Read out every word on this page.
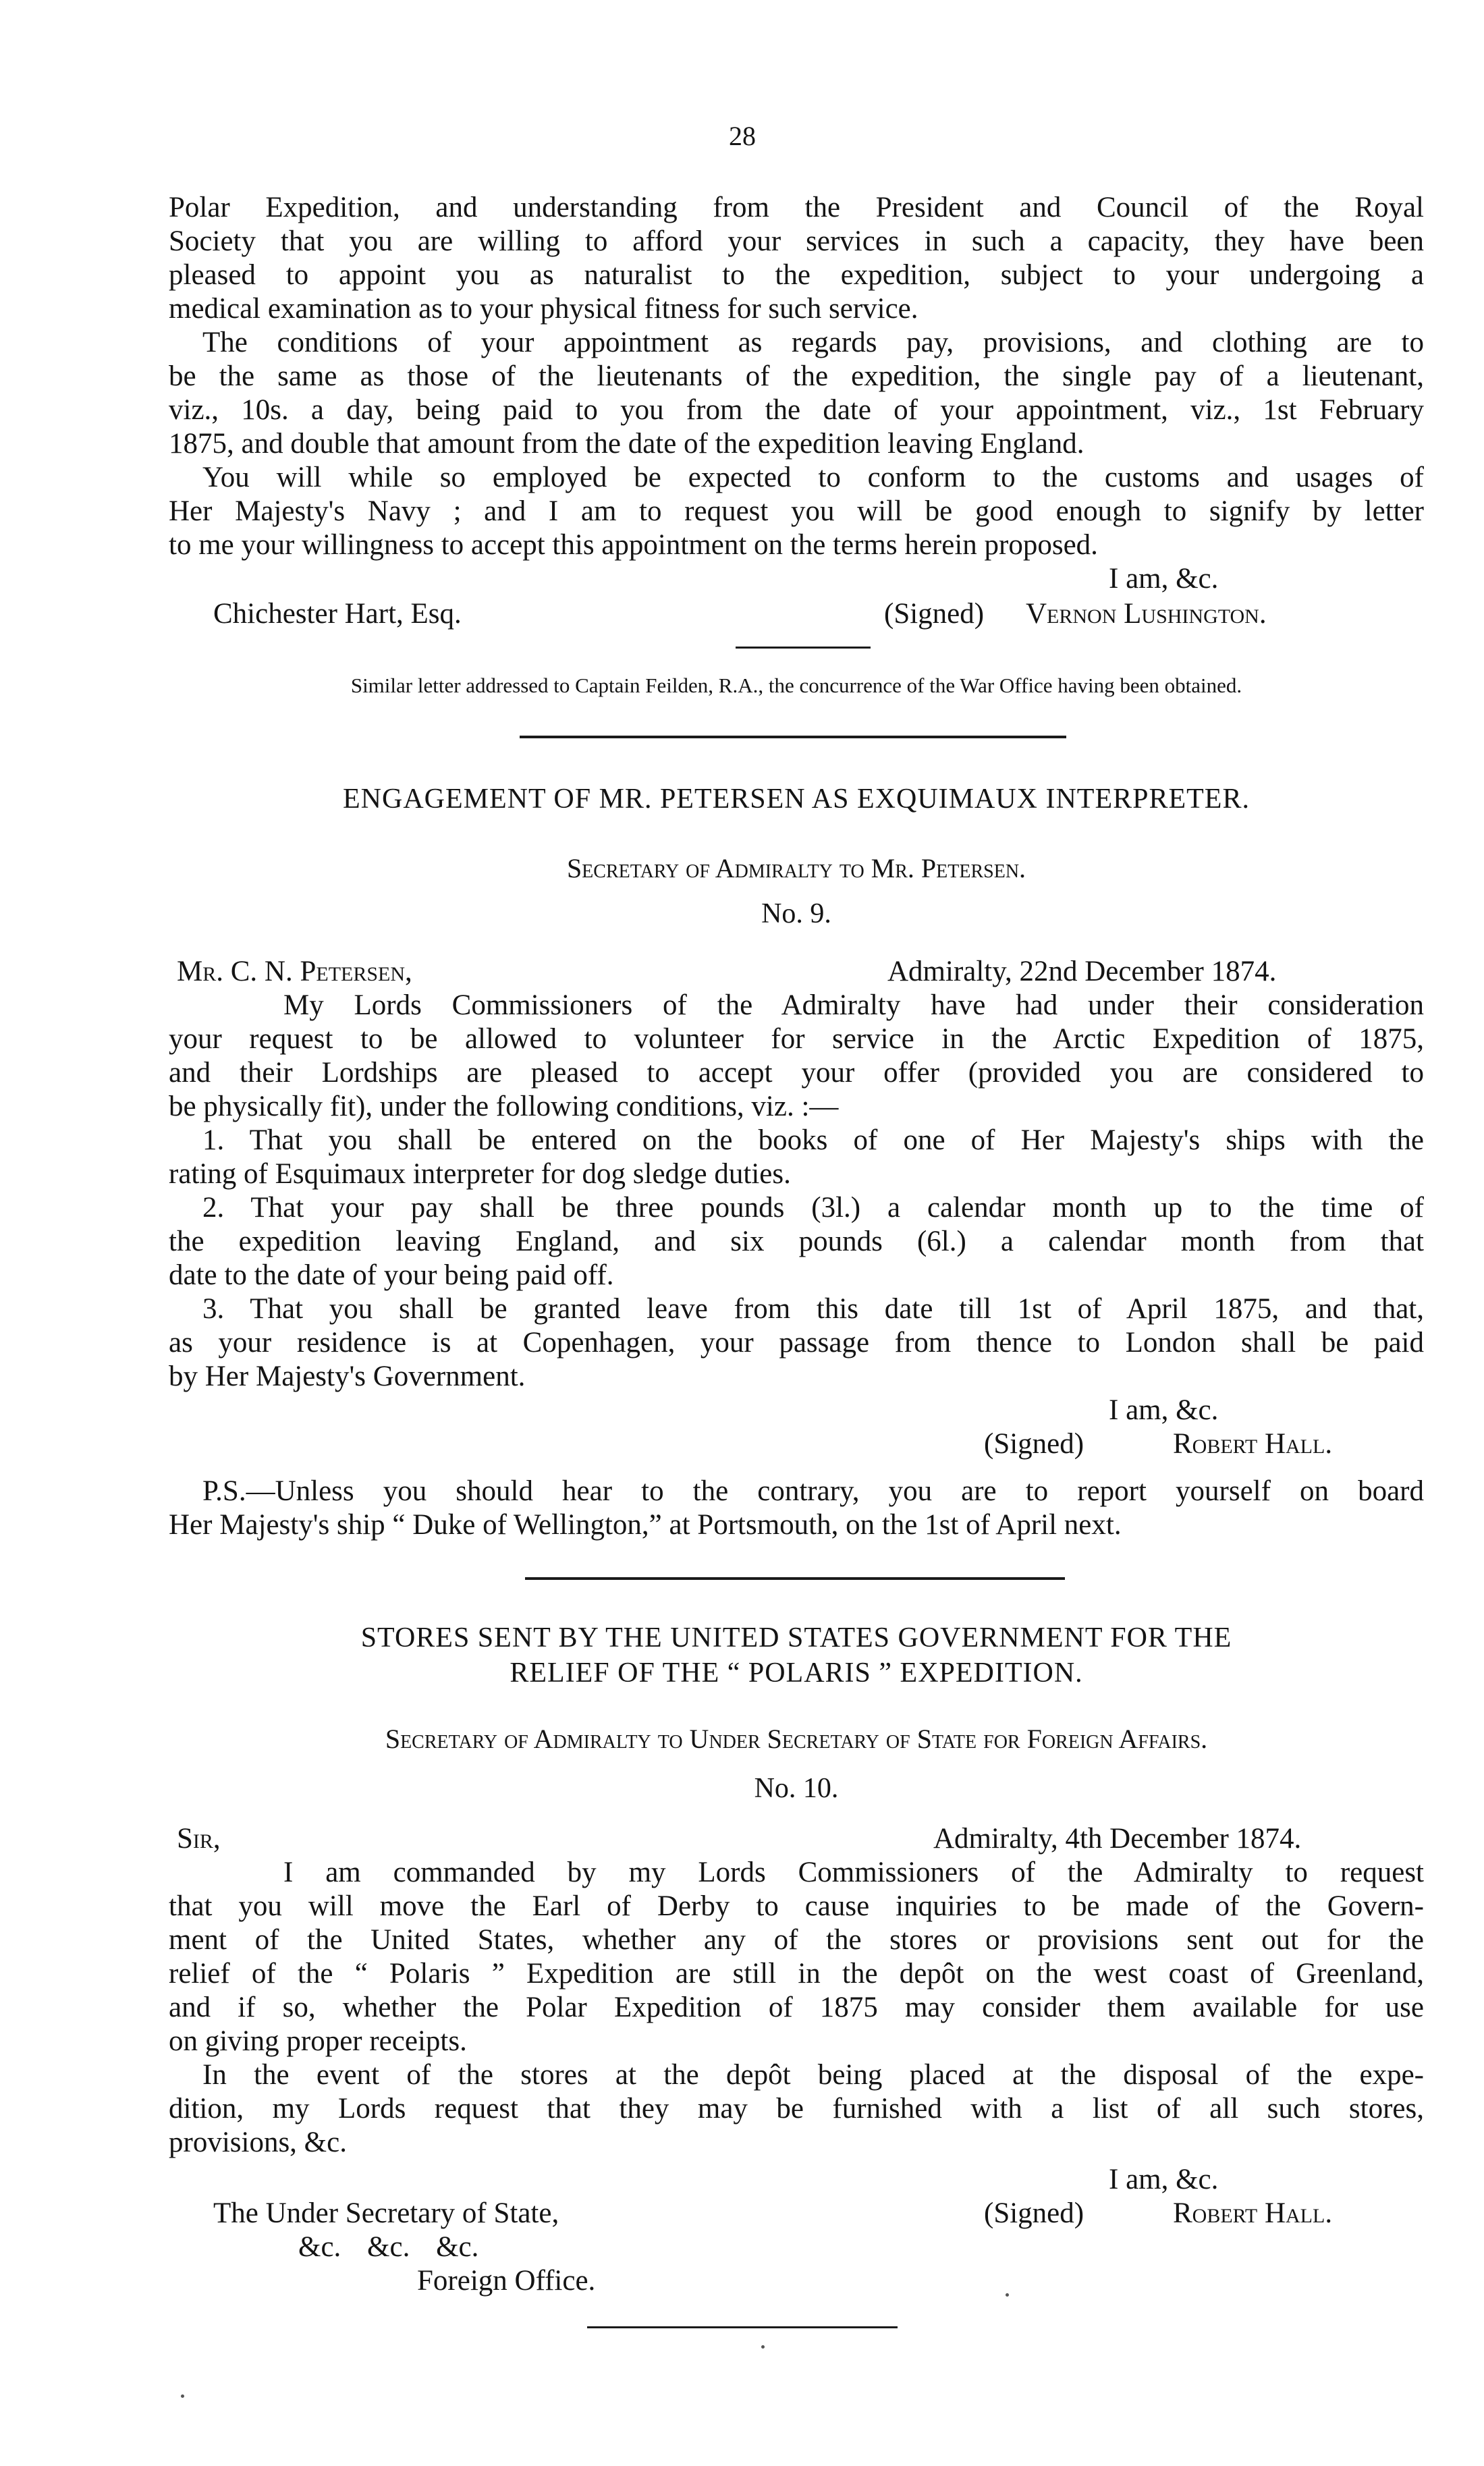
28
Polar Expedition, and understanding from the President and Council of the Royal
Society that you are willing to afford your services in such a capacity, they have been
pleased to appoint you as naturalist to the expedition, subject to your undergoing a
medical examination as to your physical fitness for such service.
The conditions of your appointment as regards pay, provisions, and clothing are to
be the same as those of the lieutenants of the expedition, the single pay of a lieutenant,
viz., 10s. a day, being paid to you from the date of your appointment, viz., 1st February
1875, and double that amount from the date of the expedition leaving England.
You will while so employed be expected to conform to the customs and usages of
Her Majesty's Navy ; and I am to request you will be good enough to signify by letter
to me your willingness to accept this appointment on the terms herein proposed.
I am, &c.
Chichester Hart, Esq.	(Signed) Vernon Lushington.
Similar letter addressed to Captain Feilden, R.A., the concurrence of the War Office having been obtained.
ENGAGEMENT OF MR. PETERSEN AS EXQUIMAUX INTERPRETER.
Secretary of Admiralty to Mr. Petersen.
No. 9.
Mr. C. N. Petersen,	Admiralty, 22nd December 1874.
My Lords Commissioners of the Admiralty have had under their consideration
your request to be allowed to volunteer for service in the Arctic Expedition of 1875,
and their Lordships are pleased to accept your offer (provided you are considered to
be physically fit), under the following conditions, viz. :—
1. That you shall be entered on the books of one of Her Majesty's ships with the
rating of Esquimaux interpreter for dog sledge duties.
2. That your pay shall be three pounds (3l.) a calendar month up to the time of
the expedition leaving England, and six pounds (6l.) a calendar month from that
date to the date of your being paid off.
3. That you shall be granted leave from this date till 1st of April 1875, and that,
as your residence is at Copenhagen, your passage from thence to London shall be paid
by Her Majesty's Government.
I am, &c.
(Signed)	Robert Hall.
P.S.—Unless you should hear to the contrary, you are to report yourself on board
Her Majesty's ship “ Duke of Wellington,” at Portsmouth, on the 1st of April next.
STORES SENT BY THE UNITED STATES GOVERNMENT FOR THE
RELIEF OF THE “ POLARIS ” EXPEDITION.
Secretary of Admiralty to Under Secretary of State for Foreign Affairs.
No. 10.
Sir,	Admiralty, 4th December 1874.
I am commanded by my Lords Commissioners of the Admiralty to request
that you will move the Earl of Derby to cause inquiries to be made of the Govern-
ment of the United States, whether any of the stores or provisions sent out for the
relief of the “ Polaris ” Expedition are still in the depôt on the west coast of Greenland,
and if so, whether the Polar Expedition of 1875 may consider them available for use
on giving proper receipts.
In the event of the stores at the depôt being placed at the disposal of the expe-
dition, my Lords request that they may be furnished with a list of all such stores,
provisions, &c.
I am, &c.
The Under Secretary of State,	(Signed)	Robert Hall.
&c. &c. &c.
Foreign Office.
